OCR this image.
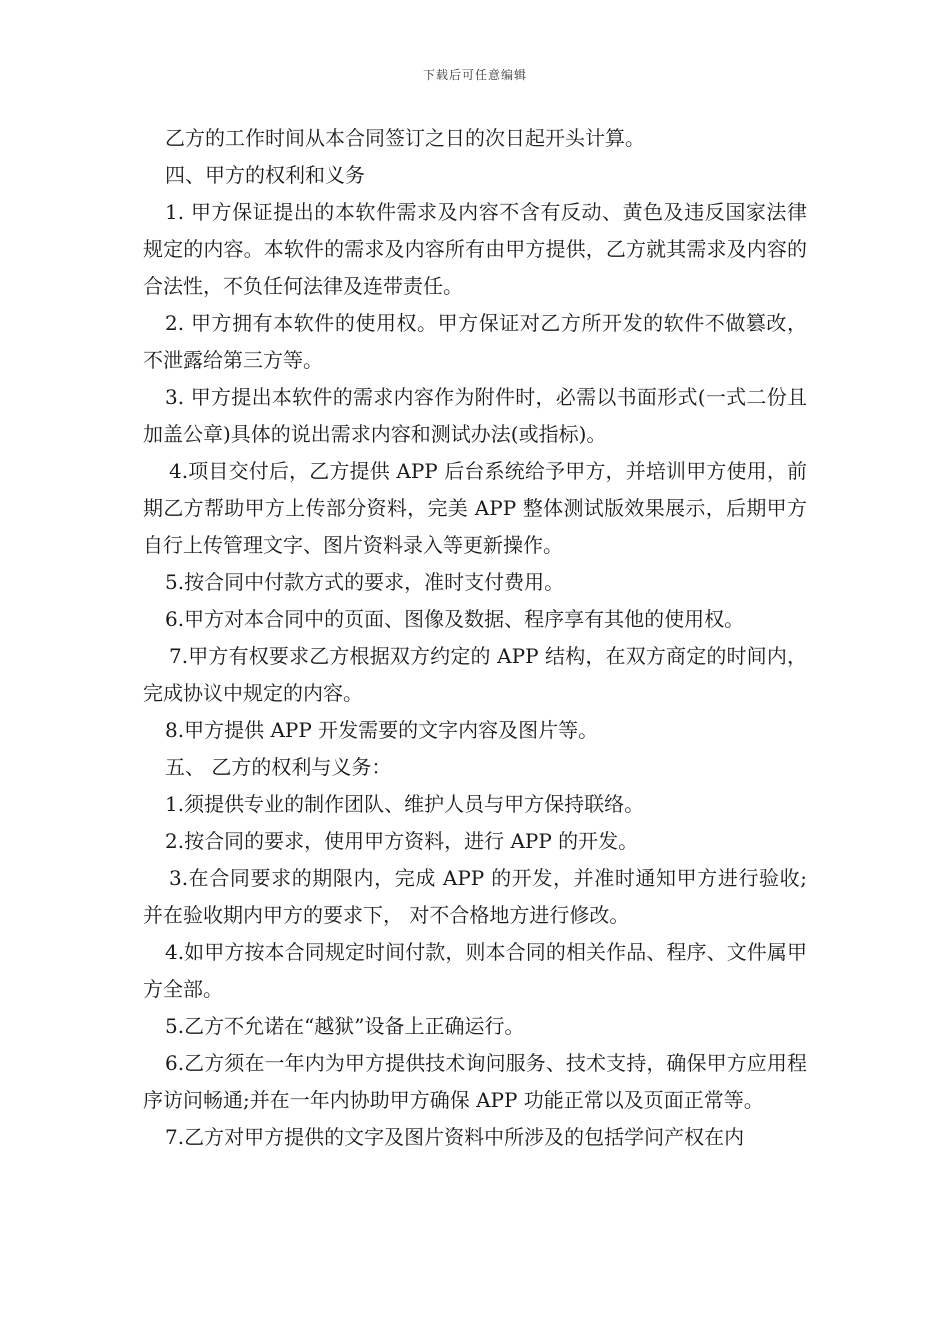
下载后可任意编辑

乙方的工作时间从本合同签订之日的次日起开头计算。

四、甲方的权利和义务

1. 甲方保证提出的本软件需求及内容不含有反动、黄色及违反国家法律规定的内容。本软件的需求及内容所有由甲方提供，乙方就其需求及内容的合法性，不负任何法律及连带责任。

2. 甲方拥有本软件的使用权。甲方保证对乙方所开发的软件不做篡改，不泄露给第三方等。

3. 甲方提出本软件的需求内容作为附件时，必需以书面形式(一式二份且加盖公章)具体的说出需求内容和测试办法(或指标)。

4.项目交付后，乙方提供 APP 后台系统给予甲方，并培训甲方使用，前期乙方帮助甲方上传部分资料，完美 APP 整体测试版效果展示，后期甲方自行上传管理文字、图片资料录入等更新操作。

5.按合同中付款方式的要求，准时支付费用。

6.甲方对本合同中的页面、图像及数据、程序享有其他的使用权。

7.甲方有权要求乙方根据双方约定的 APP 结构，在双方商定的时间内，完成协议中规定的内容。

8.甲方提供 APP 开发需要的文字内容及图片等。

五、 乙方的权利与义务：

1.须提供专业的制作团队、维护人员与甲方保持联络。

2.按合同的要求，使用甲方资料，进行 APP 的开发。

3.在合同要求的期限内，完成 APP 的开发，并准时通知甲方进行验收;并在验收期内甲方的要求下， 对不合格地方进行修改。

4.如甲方按本合同规定时间付款，则本合同的相关作品、程序、文件属甲方全部。

5.乙方不允诺在“越狱”设备上正确运行。

6.乙方须在一年内为甲方提供技术询问服务、技术支持，确保甲方应用程序访问畅通;并在一年内协助甲方确保 APP 功能正常以及页面正常等。

7.乙方对甲方提供的文字及图片资料中所涉及的包括学问产权在内
